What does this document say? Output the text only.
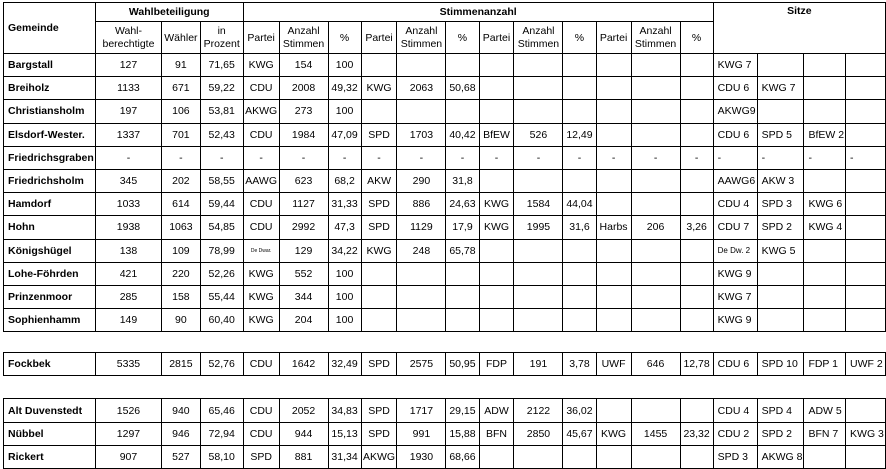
Gemeinde	Wahlbeteiligung			Stimmenanzahl												Sitze			
	Wahl-berechtigte	Wähler	in Prozent	Partei	Anzahl Stimmen	%	Partei	Anzahl Stimmen	%	Partei	Anzahl Stimmen	%	Partei	Anzahl Stimmen	%				
Bargstall	127	91	71,65	KWG	154	100										KWG 7			
Breiholz	1133	671	59,22	CDU	2008	49,32	KWG	2063	50,68							CDU 6	KWG 7		
Christiansholm	197	106	53,81	AKWG	273	100										AKWG9			
Elsdorf-Wester.	1337	701	52,43	CDU	1984	47,09	SPD	1703	40,42	BfEW	526	12,49				CDU 6	SPD 5	BfEW 2	
Friedrichsgraben	-	-	-	-	-	-	-	-	-	-	-	-	-	-	-	-	-	-	-
Friedrichsholm	345	202	58,55	AAWG	623	68,2	AKW	290	31,8							AAWG6	AKW 3		
Hamdorf	1033	614	59,44	CDU	1127	31,33	SPD	886	24,63	KWG	1584	44,04				CDU 4	SPD 3	KWG 6	
Hohn	1938	1063	54,85	CDU	2992	47,3	SPD	1129	17,9	KWG	1995	31,6	Harbs	206	3,26	CDU 7	SPD 2	KWG 4	
Königshügel	138	109	78,99	De Dwar.	129	34,22	KWG	248	65,78							De Dw. 2	KWG 5		
Lohe-Föhrden	421	220	52,26	KWG	552	100										KWG 9			
Prinzenmoor	285	158	55,44	KWG	344	100										KWG 7			
Sophienhamm	149	90	60,40	KWG	204	100										KWG 9			

Fockbek	5335	2815	52,76	CDU	1642	32,49	SPD	2575	50,95	FDP	191	3,78	UWF	646	12,78	CDU 6	SPD 10	FDP 1	UWF 2

Alt Duvenstedt	1526	940	65,46	CDU	2052	34,83	SPD	1717	29,15	ADW	2122	36,02				CDU 4	SPD 4	ADW 5	
Nübbel	1297	946	72,94	CDU	944	15,13	SPD	991	15,88	BFN	2850	45,67	KWG	1455	23,32	CDU 2	SPD 2	BFN 7	KWG 3
Rickert	907	527	58,10	SPD	881	31,34	AKWG	1930	68,66							SPD 3	AKWG 8		
